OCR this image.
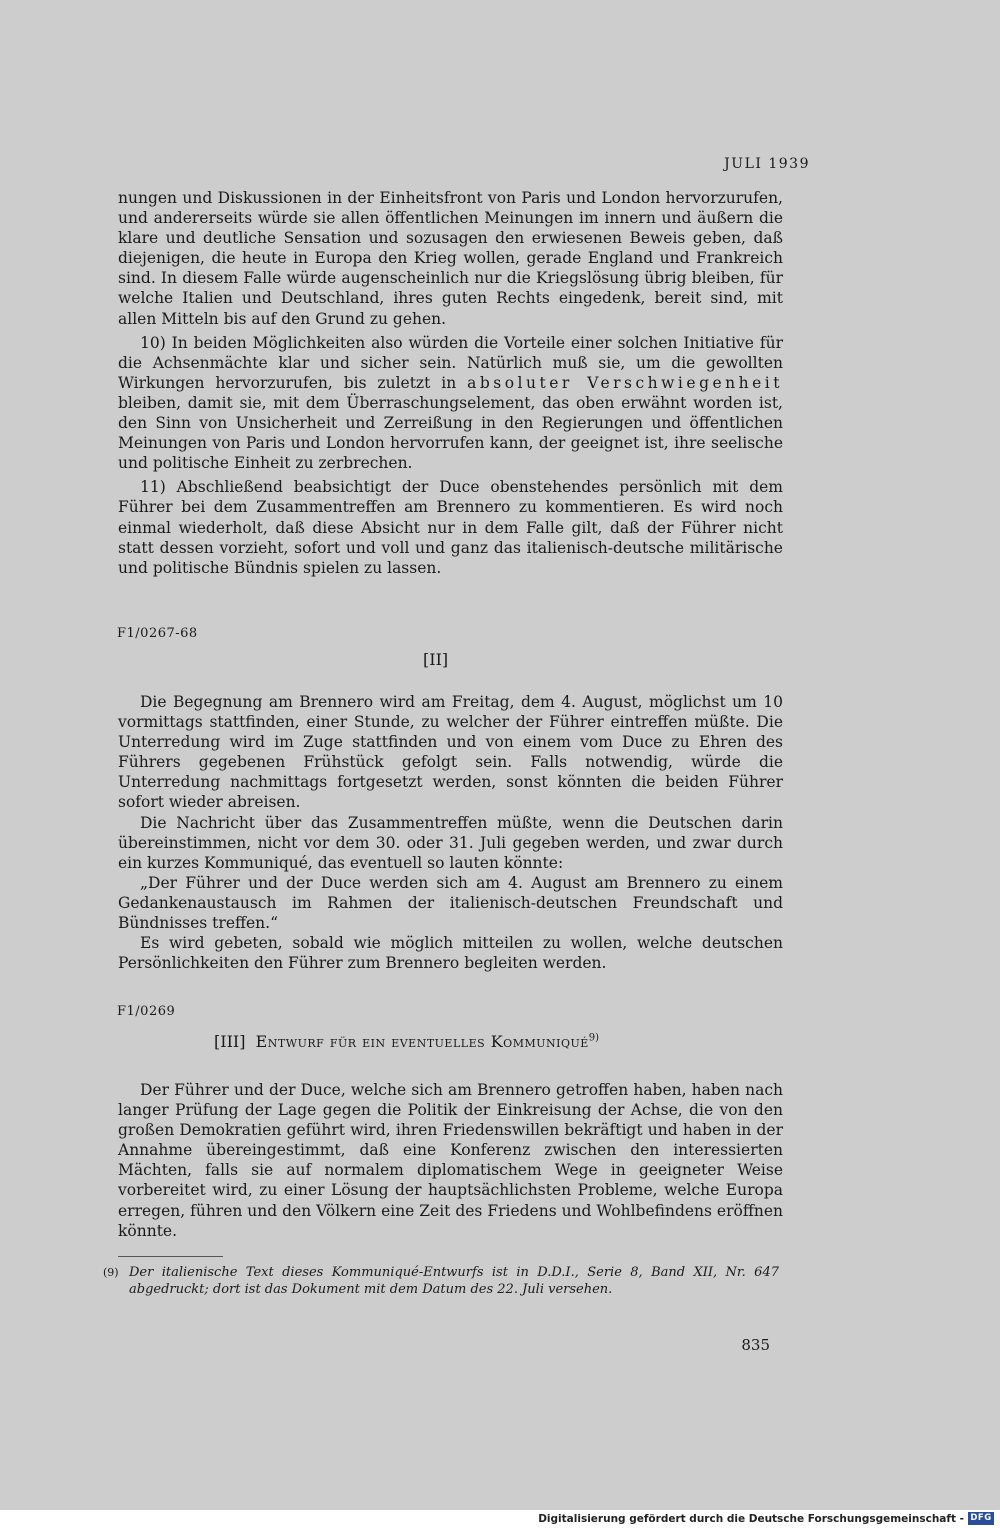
JULI 1939

nungen und Diskussionen in der Einheitsfront von Paris und London hervorzurufen, und andererseits würde sie allen öffentlichen Meinungen im innern und äußern die klare und deutliche Sensation und sozusagen den erwiesenen Beweis geben, daß diejenigen, die heute in Europa den Krieg wollen, gerade England und Frankreich sind. In diesem Falle würde augenscheinlich nur die Kriegslösung übrig bleiben, für welche Italien und Deutschland, ihres guten Rechts eingedenk, bereit sind, mit allen Mitteln bis auf den Grund zu gehen.

10) In beiden Möglichkeiten also würden die Vorteile einer solchen Initiative für die Achsenmächte klar und sicher sein. Natürlich muß sie, um die gewollten Wirkungen hervorzurufen, bis zuletzt in absoluter Verschwiegenheit bleiben, damit sie, mit dem Überraschungselement, das oben erwähnt worden ist, den Sinn von Unsicherheit und Zerreißung in den Regierungen und öffentlichen Meinungen von Paris und London hervorrufen kann, der geeignet ist, ihre seelische und politische Einheit zu zerbrechen.

11) Abschließend beabsichtigt der Duce obenstehendes persönlich mit dem Führer bei dem Zusammentreffen am Brennero zu kommentieren. Es wird noch einmal wiederholt, daß diese Absicht nur in dem Falle gilt, daß der Führer nicht statt dessen vorzieht, sofort und voll und ganz das italienisch-deutsche militärische und politische Bündnis spielen zu lassen.

F1/0267-68
[II]

Die Begegnung am Brennero wird am Freitag, dem 4. August, möglichst um 10 vormittags stattfinden, einer Stunde, zu welcher der Führer eintreffen müßte. Die Unterredung wird im Zuge stattfinden und von einem vom Duce zu Ehren des Führers gegebenen Frühstück gefolgt sein. Falls notwendig, würde die Unterredung nachmittags fortgesetzt werden, sonst könnten die beiden Führer sofort wieder abreisen.

Die Nachricht über das Zusammentreffen müßte, wenn die Deutschen darin übereinstimmen, nicht vor dem 30. oder 31. Juli gegeben werden, und zwar durch ein kurzes Kommuniqué, das eventuell so lauten könnte:

„Der Führer und der Duce werden sich am 4. August am Brennero zu einem Gedankenaustausch im Rahmen der italienisch-deutschen Freundschaft und Bündnisses treffen.“

Es wird gebeten, sobald wie möglich mitteilen zu wollen, welche deutschen Persönlichkeiten den Führer zum Brennero begleiten werden.

F1/0269
[III] Entwurf für ein eventuelles Kommuniqué$^{9)}$

Der Führer und der Duce, welche sich am Brennero getroffen haben, haben nach langer Prüfung der Lage gegen die Politik der Einkreisung der Achse, die von den großen Demokratien geführt wird, ihren Friedenswillen bekräftigt und haben in der Annahme übereingestimmt, daß eine Konferenz zwischen den interessierten Mächten, falls sie auf normalem diplomatischem Wege in geeigneter Weise vorbereitet wird, zu einer Lösung der hauptsächlichsten Probleme, welche Europa erregen, führen und den Völkern eine Zeit des Friedens und Wohlbefindens eröffnen könnte.

(9) Der italienische Text dieses Kommuniqué-Entwurfs ist in D.D.I., Serie 8, Band XII, Nr. 647 abgedruckt; dort ist das Dokument mit dem Datum des 22. Juli versehen.
835
Digitalisierung gefördert durch die Deutsche Forschungsgemeinschaft - DFG
